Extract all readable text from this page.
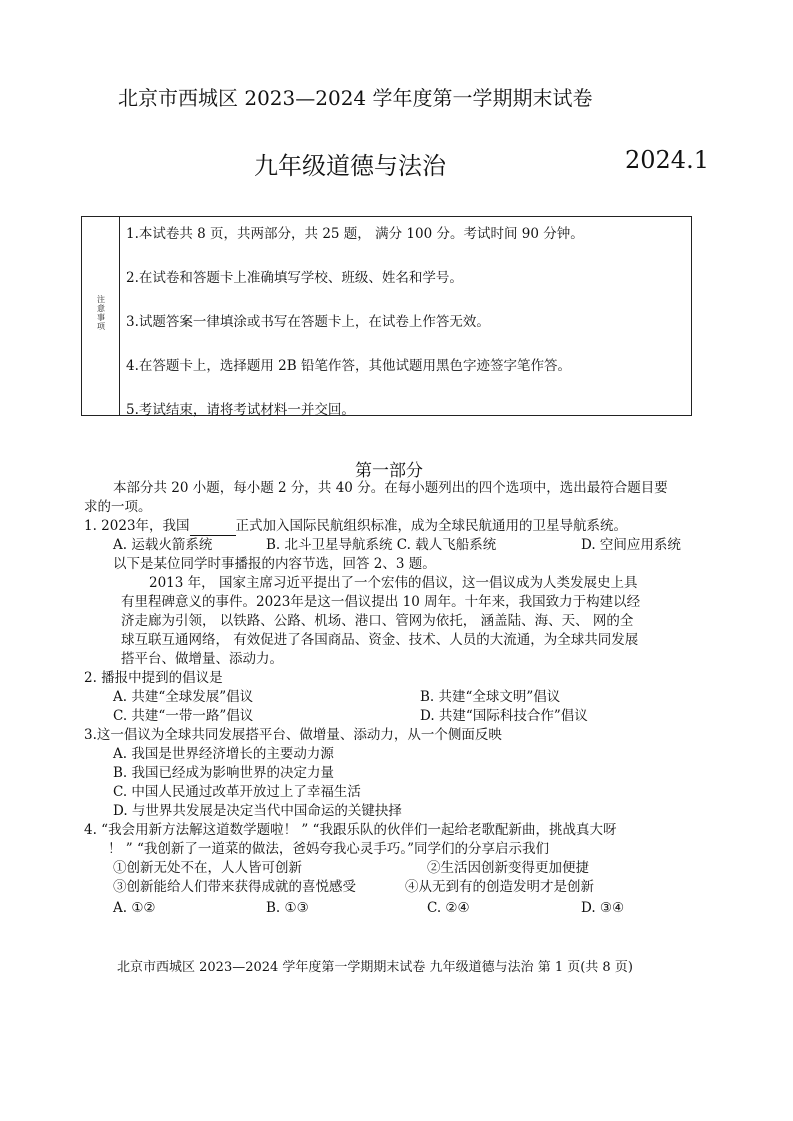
北京市西城区 2023—2024 学年度第一学期期末试卷
九年级道德与法治	2024.1
注意事项
1.本试卷共 8 页，共两部分，共 25 题， 满分 100 分。考试时间 90 分钟。
2.在试卷和答题卡上准确填写学校、班级、姓名和学号。
3.试题答案一律填涂或书写在答题卡上，在试卷上作答无效。
4.在答题卡上，选择题用 2B 铅笔作答，其他试题用黑色字迹签字笔作答。
5.考试结束，请将考试材料一并交回。
第一部分
本部分共 20 小题，每小题 2 分，共 40 分。在每小题列出的四个选项中，选出最符合题目要
求的一项。
1. 2023年，我国	正式加入国际民航组织标准，成为全球民航通用的卫星导航系统。
A. 运载火箭系统	B. 北斗卫星导航系统 C. 载人飞船系统	D. 空间应用系统
以下是某位同学时事播报的内容节选，回答 2、3 题。
2013 年， 国家主席习近平提出了一个宏伟的倡议，这一倡议成为人类发展史上具
有里程碑意义的事件。2023年是这一倡议提出 10 周年。十年来，我国致力于构建以经
济走廊为引领， 以铁路、公路、机场、港口、管网为依托， 涵盖陆、海、天、 网的全
球互联互通网络， 有效促进了各国商品、资金、技术、人员的大流通，为全球共同发展
搭平台、做增量、添动力。
2. 播报中提到的倡议是
A. 共建“全球发展”倡议	B. 共建“全球文明”倡议
C. 共建“一带一路”倡议	D. 共建“国际科技合作”倡议
3.这一倡议为全球共同发展搭平台、做增量、添动力，从一个侧面反映
A. 我国是世界经济增长的主要动力源
B. 我国已经成为影响世界的决定力量
C. 中国人民通过改革开放过上了幸福生活
D. 与世界共发展是决定当代中国命运的关键抉择
4. “我会用新方法解这道数学题啦！ ” “我跟乐队的伙伴们一起给老歌配新曲，挑战真大呀
！ ” “我创新了一道菜的做法，爸妈夸我心灵手巧。”同学们的分享启示我们
①创新无处不在，人人皆可创新	②生活因创新变得更加便捷
③创新能给人们带来获得成就的喜悦感受	④从无到有的创造发明才是创新
A. ①②	B. ①③	C. ②④	D. ③④
北京市西城区 2023—2024 学年度第一学期期末试卷 九年级道德与法治 第 1 页(共 8 页)
